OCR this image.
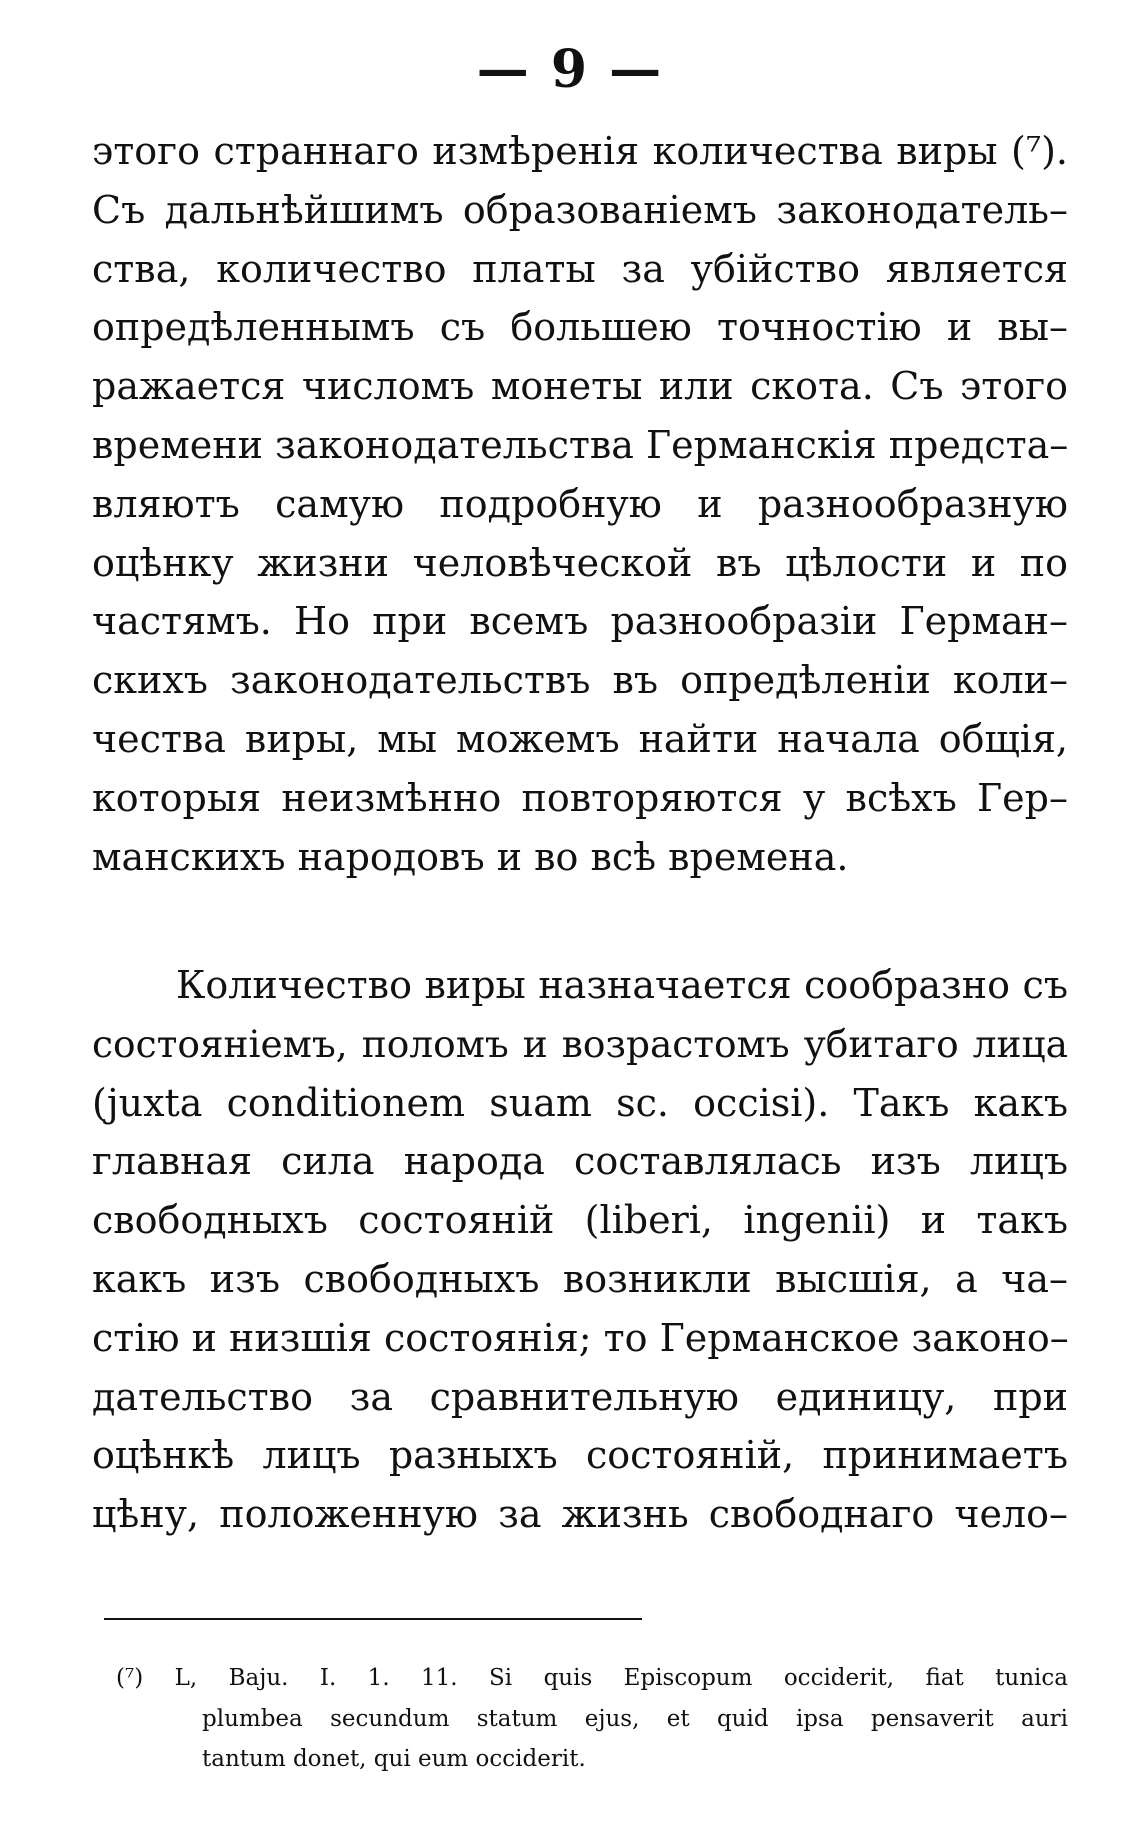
— 9 —
этого страннаго измѣренія количества виры (⁷).
Съ дальнѣйшимъ образованіемъ законодатель–
ства, количество платы за убійство является
опредѣленнымъ съ большею точностію и вы–
ражается числомъ монеты или скота. Съ этого
времени законодательства Германскія предста–
вляютъ самую подробную и разнообразную
оцѣнку жизни человѣческой въ цѣлости и по
частямъ. Но при всемъ разнообразіи Герман–
скихъ законодательствъ въ опредѣленіи коли–
чества виры, мы можемъ найти начала общія,
которыя неизмѣнно повторяются у всѣхъ Гер–
манскихъ народовъ и во всѣ времена.
Количество виры назначается сообразно съ
состояніемъ, поломъ и возрастомъ убитаго лица
(juxta conditionem suam sc. occisi). Такъ какъ
главная сила народа составлялась изъ лицъ
свободныхъ состояній (liberi, ingenii) и такъ
какъ изъ свободныхъ возникли высшія, а ча–
стію и низшія состоянія; то Германское законо–
дательство за сравнительную единицу, при
оцѣнкѣ лицъ разныхъ состояній, принимаетъ
цѣну, положенную за жизнь свободнаго чело–
(⁷) L, Baju. I. 1. 11. Si quis Episcopum occiderit, fiat tunica
plumbea secundum statum ejus, et quid ipsa pensaverit auri
tantum donet, qui eum occiderit.
